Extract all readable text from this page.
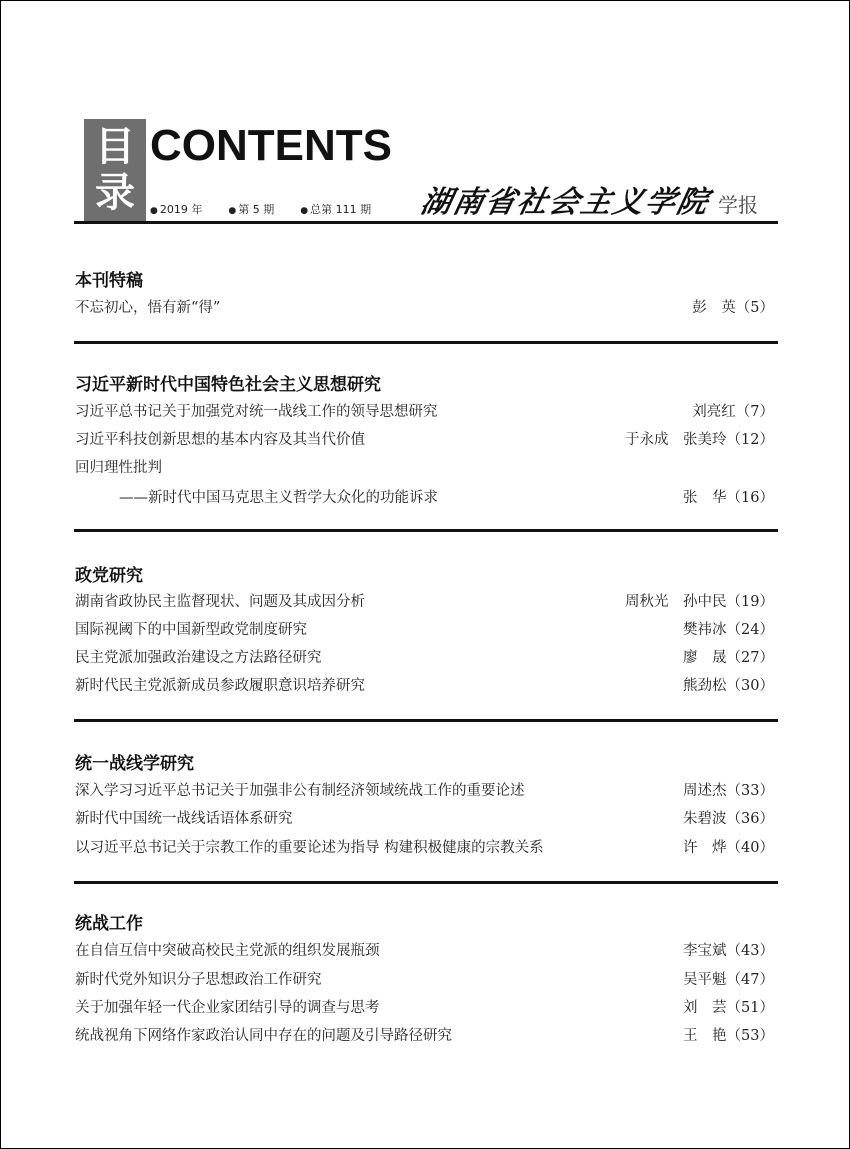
目
录
CONTENTS
● 2019 年	● 第 5 期	● 总第 111 期 湖南省社会主义学院 学报
本刊特稿
不忘初心，悟有新“得”	彭　英（5）
习近平新时代中国特色社会主义思想研究
习近平总书记关于加强党对统一战线工作的领导思想研究	刘亮红（7）
习近平科技创新思想的基本内容及其当代价值	于永成　张美玲（12）
回归理性批判
——新时代中国马克思主义哲学大众化的功能诉求	张　华（16）
政党研究
湖南省政协民主监督现状、问题及其成因分析	周秋光　孙中民（19）
国际视阈下的中国新型政党制度研究	樊祎冰（24）
民主党派加强政治建设之方法路径研究	廖　晟（27）
新时代民主党派新成员参政履职意识培养研究	熊劲松（30）
统一战线学研究
深入学习习近平总书记关于加强非公有制经济领域统战工作的重要论述	周述杰（33）
新时代中国统一战线话语体系研究	朱碧波（36）
以习近平总书记关于宗教工作的重要论述为指导 构建积极健康的宗教关系	许　烨（40）
统战工作
在自信互信中突破高校民主党派的组织发展瓶颈	李宝斌（43）
新时代党外知识分子思想政治工作研究	吴平魁（47）
关于加强年轻一代企业家团结引导的调查与思考	刘　芸（51）
统战视角下网络作家政治认同中存在的问题及引导路径研究	王　艳（53）
